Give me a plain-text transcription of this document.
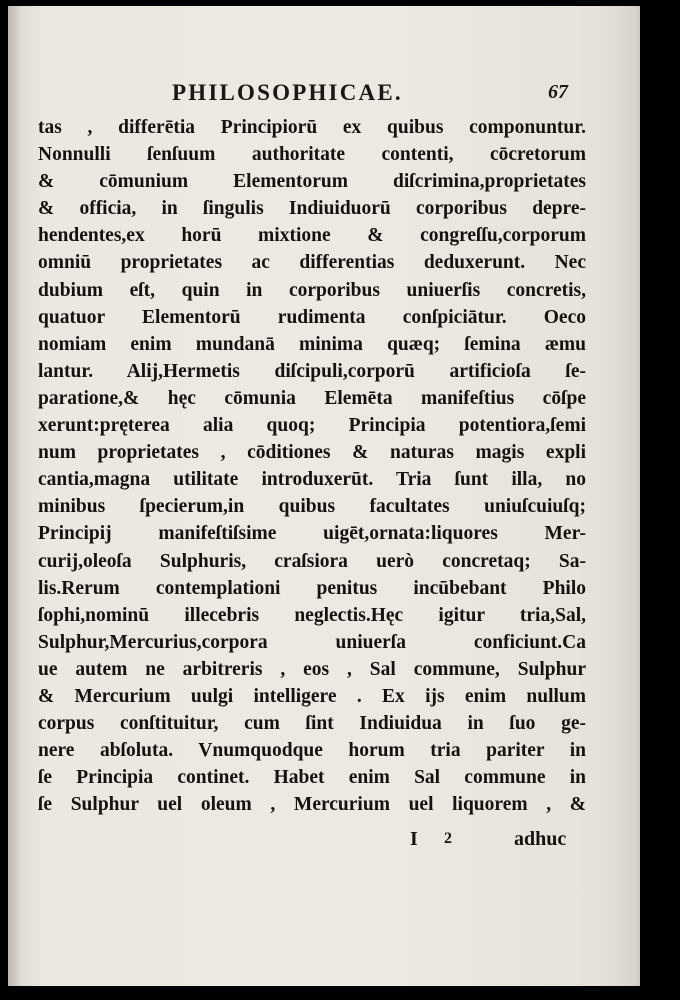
PHILOSOPHICAE.	67
tas , differētia Principiorū ex quibus componuntur.
Nonnulli ſenſuum authoritate contenti, cōcretorum
& cōmunium Elementorum diſcrimina,proprietates
& officia, in ſingulis Indiuiduorū corporibus depre-
hendentes,ex horū mixtione & congreſſu,corporum
omniū proprietates ac differentias deduxerunt. Nec
dubium eſt, quin in corporibus uniuerſis concretis,
quatuor Elementorū rudimenta conſpiciātur. Oeco
nomiam enim mundanā minima quæq; ſemina æmu
lantur. Alij,Hermetis diſcipuli,corporū artificioſa ſe-
paratione,& hęc cōmunia Elemēta manifeſtius cōſpe
xerunt:pręterea alia quoq; Principia potentiora,ſemi
num proprietates , cōditiones & naturas magis expli
cantia,magna utilitate introduxerūt. Tria ſunt illa, no
minibus ſpecierum,in quibus facultates uniuſcuiuſq;
Principij manifeſtiſsime uigēt,ornata:liquores Mer-
curij,oleoſa Sulphuris, craſsiora uerò concretaq; Sa-
lis.Rerum contemplationi penitus incūbebant Philo
ſophi,nominū illecebris neglectis.Hęc igitur tria,Sal,
Sulphur,Mercurius,corpora uniuerſa conficiunt.Ca
ue autem ne arbitreris , eos , Sal commune, Sulphur
& Mercurium uulgi intelligere . Ex ijs enim nullum
corpus conſtituitur, cum ſint Indiuidua in ſuo ge-
nere abſoluta. Vnumquodque horum tria pariter in
ſe Principia continet. Habet enim Sal commune in
ſe Sulphur uel oleum , Mercurium uel liquorem , &
I 2	adhuc
